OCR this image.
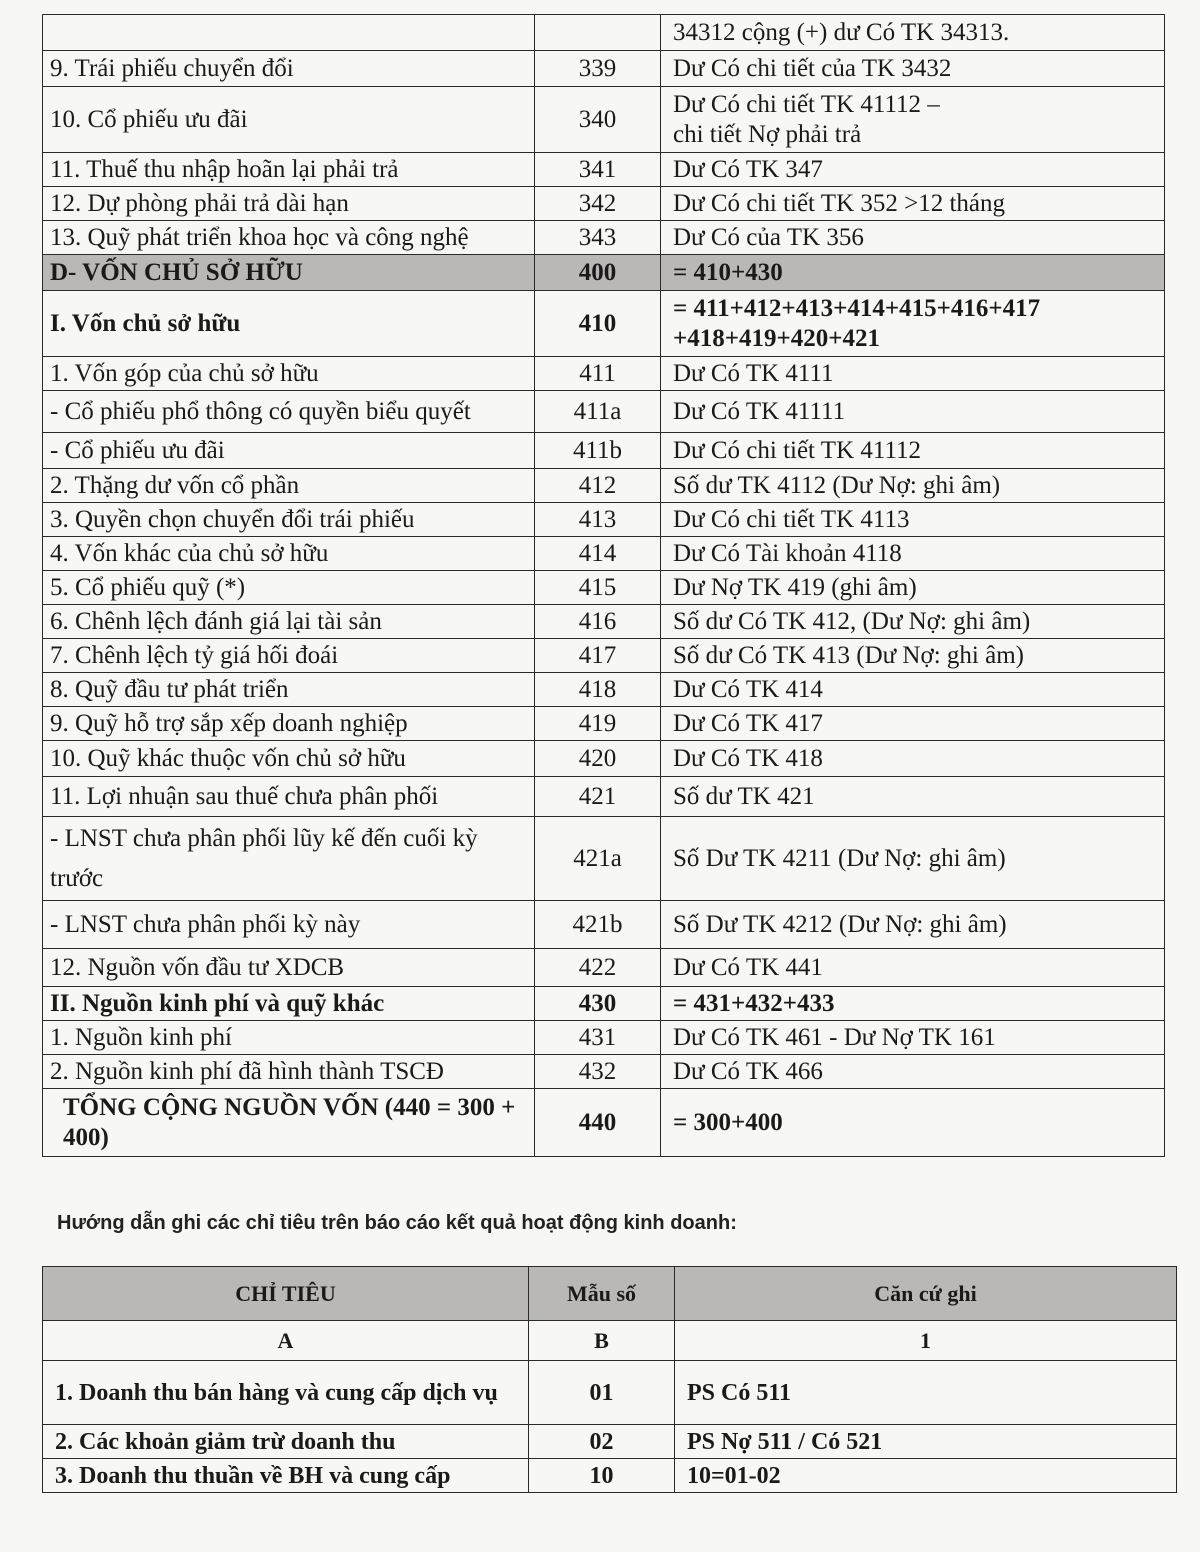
		34312 cộng (+) dư Có TK 34313.
9. Trái phiếu chuyển đổi	339	Dư Có chi tiết của TK 3432
10. Cổ phiếu ưu đãi	340	Dư Có chi tiết TK 41112 – chi tiết Nợ phải trả

11. Thuế thu nhập hoãn lại phải trả	341	Dư Có TK 347
12. Dự phòng phải trả dài hạn	342	Dư Có chi tiết TK 352 >12 tháng
13. Quỹ phát triển khoa học và công nghệ	343	Dư Có của TK 356
D- VỐN CHỦ SỞ HỮU	400	= 410+430
I. Vốn chủ sở hữu	410	= 411+412+413+414+415+416+417 +418+419+420+421

1. Vốn góp của chủ sở hữu	411	Dư Có TK 4111
- Cổ phiếu phổ thông có quyền biểu quyết	411a	Dư Có TK 41111
- Cổ phiếu ưu đãi	411b	Dư Có chi tiết TK 41112
2. Thặng dư vốn cổ phần	412	Số dư TK 4112 (Dư Nợ: ghi âm)
3. Quyền chọn chuyển đổi trái phiếu	413	Dư Có chi tiết TK 4113
4. Vốn khác của chủ sở hữu	414	Dư Có Tài khoản 4118
5. Cổ phiếu quỹ (*)	415	Dư Nợ TK 419 (ghi âm)
6. Chênh lệch đánh giá lại tài sản	416	Số dư Có TK 412, (Dư Nợ: ghi âm)
7. Chênh lệch tỷ giá hối đoái	417	Số dư Có TK 413 (Dư Nợ: ghi âm)
8. Quỹ đầu tư phát triển	418	Dư Có TK 414
9. Quỹ hỗ trợ sắp xếp doanh nghiệp	419	Dư Có TK 417
10. Quỹ khác thuộc vốn chủ sở hữu	420	Dư Có TK 418
11. Lợi nhuận sau thuế chưa phân phối	421	Số dư TK 421

- LNST chưa phân phối lũy kế đến cuối kỳ trước	421a	Số Dư TK 4211 (Dư Nợ: ghi âm)
- LNST chưa phân phối kỳ này	421b	Số Dư TK 4212 (Dư Nợ: ghi âm)
12. Nguồn vốn đầu tư XDCB	422	Dư Có TK 441
II. Nguồn kinh phí và quỹ khác	430	= 431+432+433
1. Nguồn kinh phí	431	Dư Có TK 461 - Dư Nợ TK 161
2. Nguồn kinh phí đã hình thành TSCĐ	432	Dư Có TK 466

TỔNG CỘNG NGUỒN VỐN (440 = 300 + 400)	440	= 300+400
Hướng dẫn ghi các chỉ tiêu trên báo cáo kết quả hoạt động kinh doanh:
CHỈ TIÊU	Mẫu số	Căn cứ ghi
A	B	1

1. Doanh thu bán hàng và cung cấp dịch vụ	01	PS Có 511
2. Các khoản giảm trừ doanh thu	02	PS Nợ 511 / Có 521
3. Doanh thu thuần về BH và cung cấp	10	10=01-02
